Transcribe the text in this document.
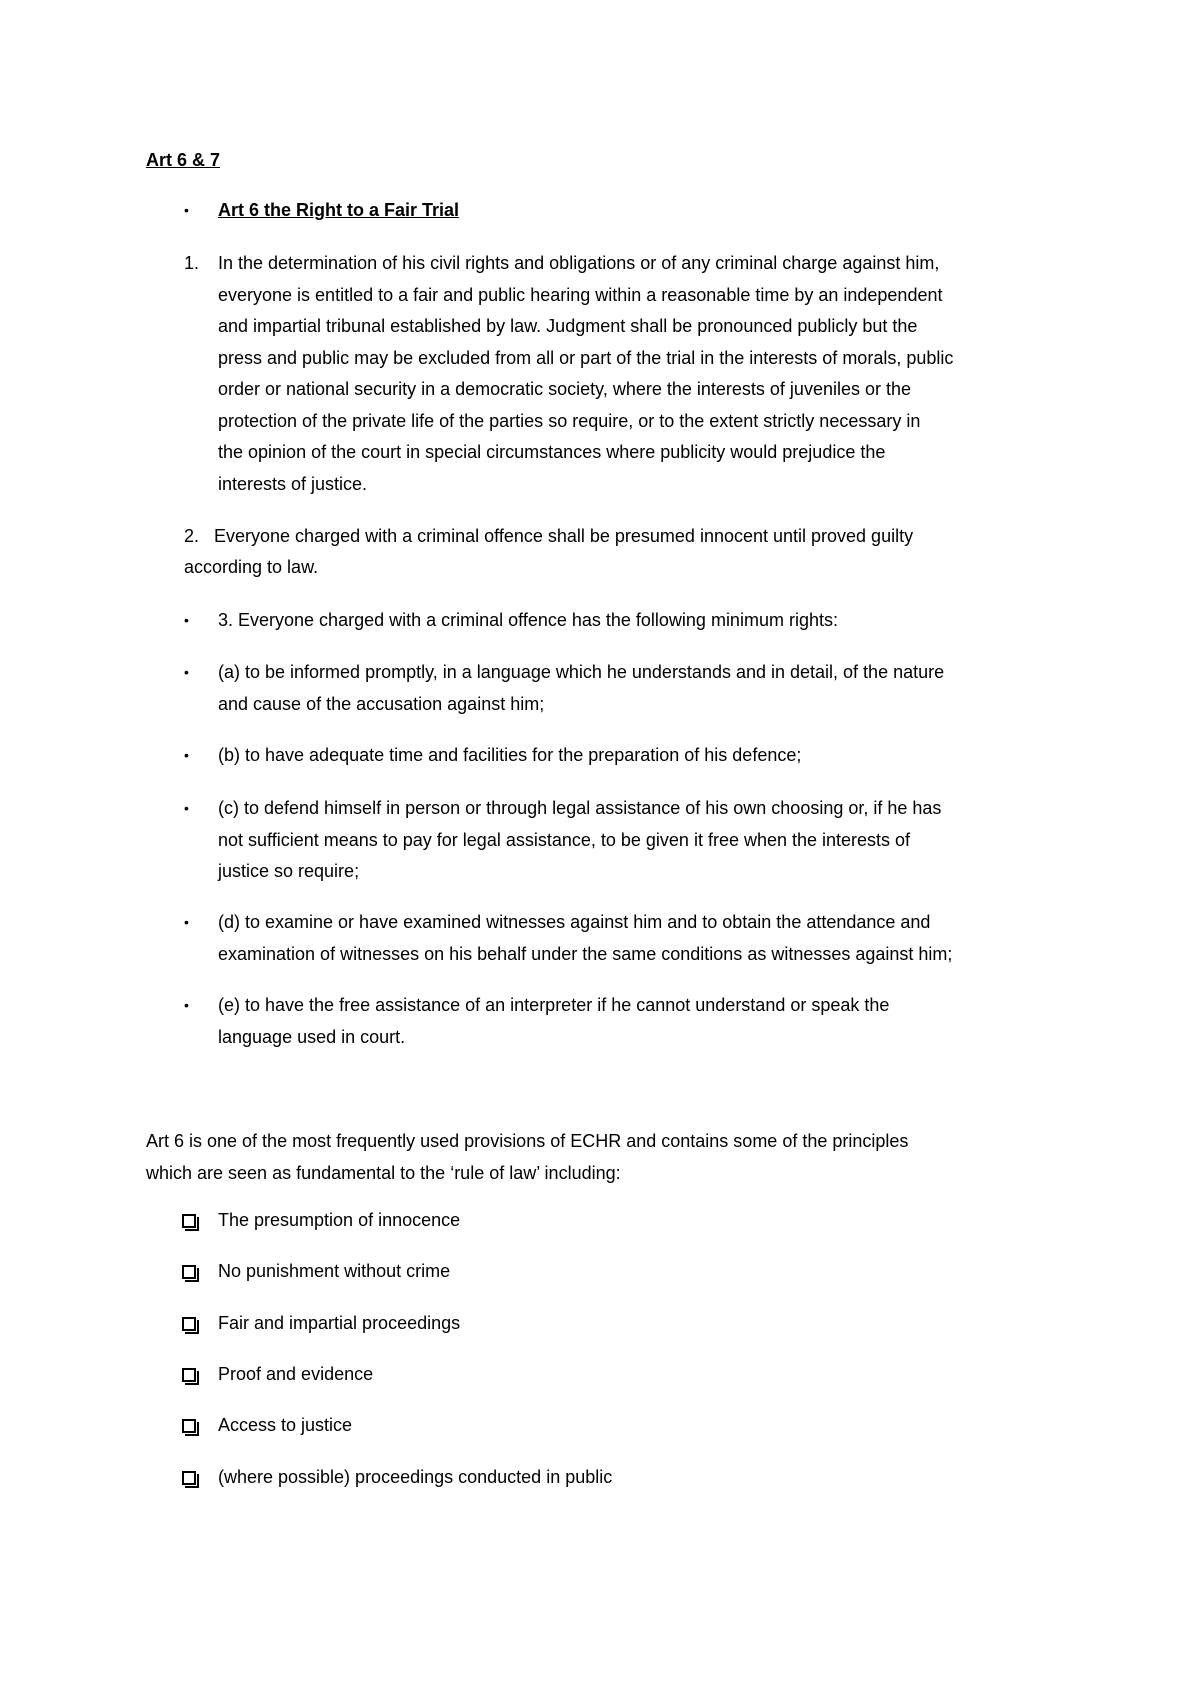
Art 6 & 7

•	Art 6 the Right to a Fair Trial

1. In the determination of his civil rights and obligations or of any criminal charge against him,
everyone is entitled to a fair and public hearing within a reasonable time by an independent
and impartial tribunal established by law. Judgment shall be pronounced publicly but the
press and public may be excluded from all or part of the trial in the interests of morals, public
order or national security in a democratic society, where the interests of juveniles or the
protection of the private life of the parties so require, or to the extent strictly necessary in
the opinion of the court in special circumstances where publicity would prejudice the
interests of justice.

2.   Everyone charged with a criminal offence shall be presumed innocent until proved guilty

according to law.

•	3. Everyone charged with a criminal offence has the following minimum rights:
•	(a) to be informed promptly, in a language which he understands and in detail, of the nature
and cause of the accusation against him;
•	(b) to have adequate time and facilities for the preparation of his defence;
•	(c) to defend himself in person or through legal assistance of his own choosing or, if he has
not sufficient means to pay for legal assistance, to be given it free when the interests of
justice so require;
•	(d) to examine or have examined witnesses against him and to obtain the attendance and
examination of witnesses on his behalf under the same conditions as witnesses against him;
•	(e) to have the free assistance of an interpreter if he cannot understand or speak the
language used in court.
Art 6 is one of the most frequently used provisions of ECHR and contains some of the principles
which are seen as fundamental to the ‘rule of law’ including:

The presumption of innocence

No punishment without crime

Fair and impartial proceedings

Proof and evidence

Access to justice

(where possible) proceedings conducted in public
